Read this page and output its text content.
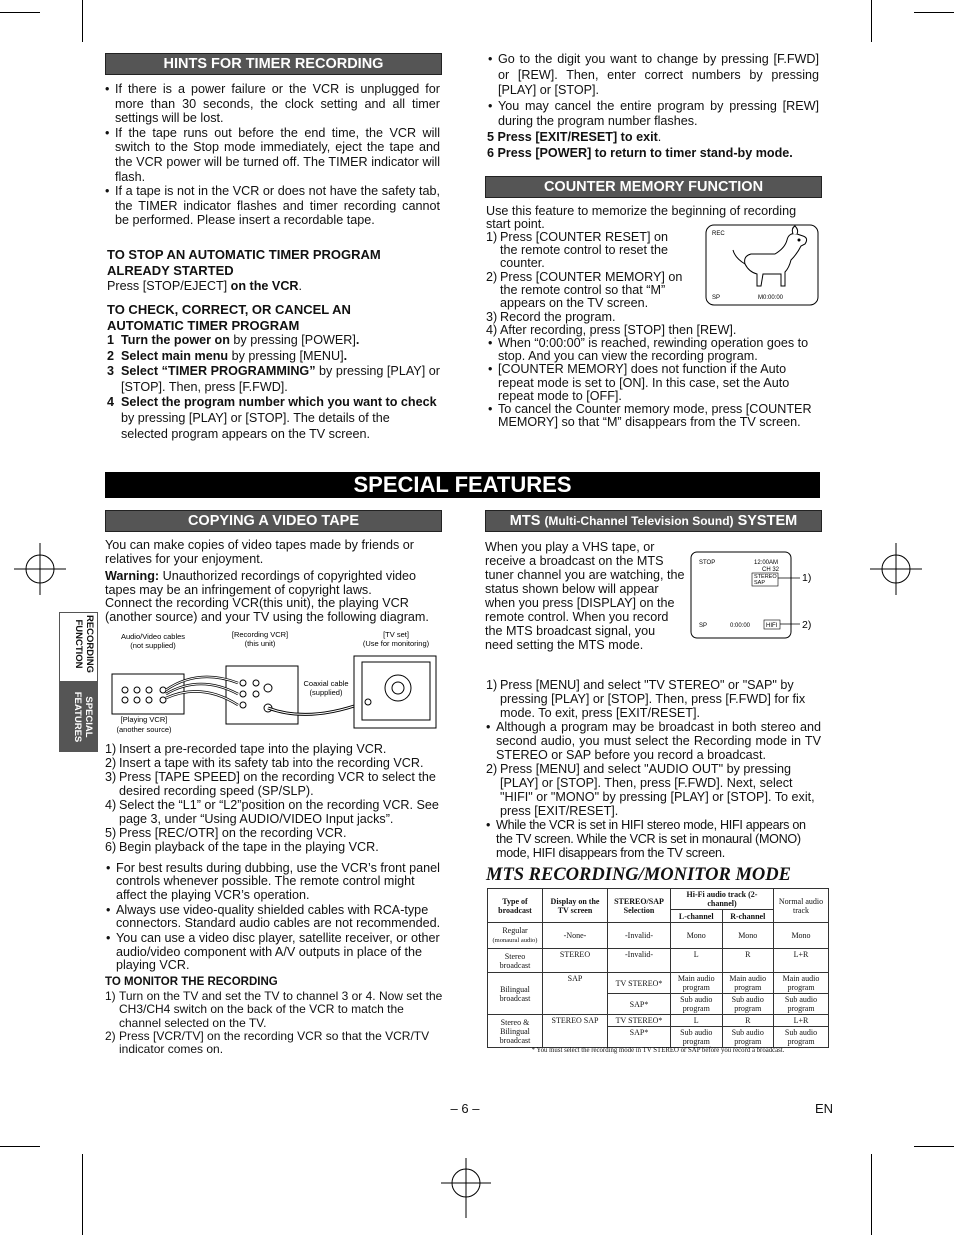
HINTS FOR TIMER RECORDING
• If there is a power failure or the VCR is unplugged for more than 30 seconds, the clock setting and all timer settings will be lost.
• If the tape runs out before the end time, the VCR will switch to the Stop mode immediately, eject the tape and the VCR power will be turned off. The TIMER indicator will flash.
• If a tape is not in the VCR or does not have the safety tab, the TIMER indicator flashes and timer recording cannot be performed. Please insert a recordable tape.
TO STOP AN AUTOMATIC TIMER PROGRAM ALREADY STARTED

Press [STOP/EJECT] on the VCR.

TO CHECK, CORRECT, OR CANCEL AN AUTOMATIC TIMER PROGRAM
1 Turn the power on by pressing [POWER].
2 Select main menu by pressing [MENU].
3 Select “TIMER PROGRAMMING” by pressing [PLAY] or [STOP]. Then, press [F.FWD].
4 Select the program number which you want to check by pressing [PLAY] or [STOP]. The details of the selected program appears on the TV screen.
• Go to the digit you want to change by pressing [F.FWD] or [REW]. Then, enter correct numbers by pressing [PLAY] or [STOP].
• You may cancel the entire program by pressing [REW] during the program number flashes.
5 Press [EXIT/RESET] to exit.
6 Press [POWER] to return to timer stand-by mode.
COUNTER MEMORY FUNCTION

Use this feature to memorize the beginning of recording start point.

1) Press [COUNTER RESET] on the remote control to reset the counter.
2) Press [COUNTER MEMORY] on the remote control so that “M” appears on the TV screen.
3) Record the program.
4) After recording, press [STOP] then [REW].
• When “0:00:00” is reached, rewinding operation goes to stop. And you can view the recording program.
• [COUNTER MEMORY] does not function if the Auto repeat mode is set to [ON]. In this case, set the Auto repeat mode to [OFF].
• To cancel the Counter memory mode, press [COUNTER MEMORY] so that “M” disappears from the TV screen.
REC
SP	M0:00:00
SPECIAL FEATURES
RECORDING FUNCTION
SPECIAL FEATURES
COPYING A VIDEO TAPE

You can make copies of video tapes made by friends or relatives for your enjoyment.

Warning: Unauthorized recordings of copyrighted video tapes may be an infringement of copyright laws.

Connect the recording VCR(this unit), the playing VCR (another source) and your TV using the following diagram.

Audio/Video cables
(not supplied)
[Recording VCR]
(this unit)
[TV set]
(Use for monitoring)
Coaxial cable
(supplied)
[Playing VCR]
(another source)
1) Insert a pre-recorded tape into the playing VCR.
2) Insert a tape with its safety tab into the recording VCR.
3) Press [TAPE SPEED] on the recording VCR to select the desired recording speed (SP/SLP).
4) Select the “L1” or “L2”position on the recording VCR. See page 3, under “Using AUDIO/VIDEO Input jacks”.
5) Press [REC/OTR] on the recording VCR.
6) Begin playback of the tape in the playing VCR.
• For best results during dubbing, use the VCR’s front panel controls whenever possible. The remote control might affect the playing VCR’s operation.
• Always use video-quality shielded cables with RCA-type connectors. Standard audio cables are not recommended.
• You can use a video disc player, satellite receiver, or other audio/video component with A/V outputs in place of the playing VCR.
TO MONITOR THE RECORDING
1) Turn on the TV and set the TV to channel 3 or 4. Now set the CH3/CH4 switch on the back of the VCR to match the channel selected on the TV.
2) Press [VCR/TV] on the recording VCR so that the VCR/TV indicator comes on.
MTS (Multi-Channel Television Sound) SYSTEM

When you play a VHS tape, or receive a broadcast on the MTS tuner channel you are watching, the status shown below will appear when you press [DISPLAY] on the remote control. When you record the MTS broadcast signal, you need setting the MTS mode.

STOP	12:00AM
CH 32
STEREO
SAP
SP	0:00:00	HIFI
1)
2)
1) Press [MENU] and select "TV STEREO" or "SAP" by pressing [PLAY] or [STOP]. Then, press [F.FWD] for fix mode. To exit, press [EXIT/RESET].
• Although a program may be broadcast in both stereo and second audio, you must select the Recording mode in TV STEREO or SAP before you record a broadcast.
2) Press [MENU] and select "AUDIO OUT" by pressing [PLAY] or [STOP]. Then, press [F.FWD]. Next, select "HIFI" or "MONO" by pressing [PLAY] or [STOP]. To exit, press [EXIT/RESET].
• While the VCR is set in HIFI stereo mode, HIFI appears on the TV screen. While the VCR is set in monaural (MONO) mode, HIFI disappears from the TV screen.
MTS RECORDING/MONITOR MODE
Type of broadcast	Display on the TV screen	STEREO/SAP Selection	Hi-Fi audio track (2-channel)		Normal audio track
			L-channel	R-channel	
Regular
(monaural audio)	-None-	-Invalid-	Mono	Mono	Mono
Stereo broadcast	STEREO	-Invalid-	L	R	L+R
Bilingual broadcast	SAP	TV STEREO*	Main audio program	Main audio program	Main audio program
		SAP*	Sub audio program	Sub audio program	Sub audio program
Stereo & Bilingual broadcast	STEREO SAP	TV STEREO*	L	R	L+R
		SAP*	Sub audio program	Sub audio program	Sub audio program
* You must select the recording mode in TV STEREO or SAP before you record a broadcast.
– 6 –	EN
